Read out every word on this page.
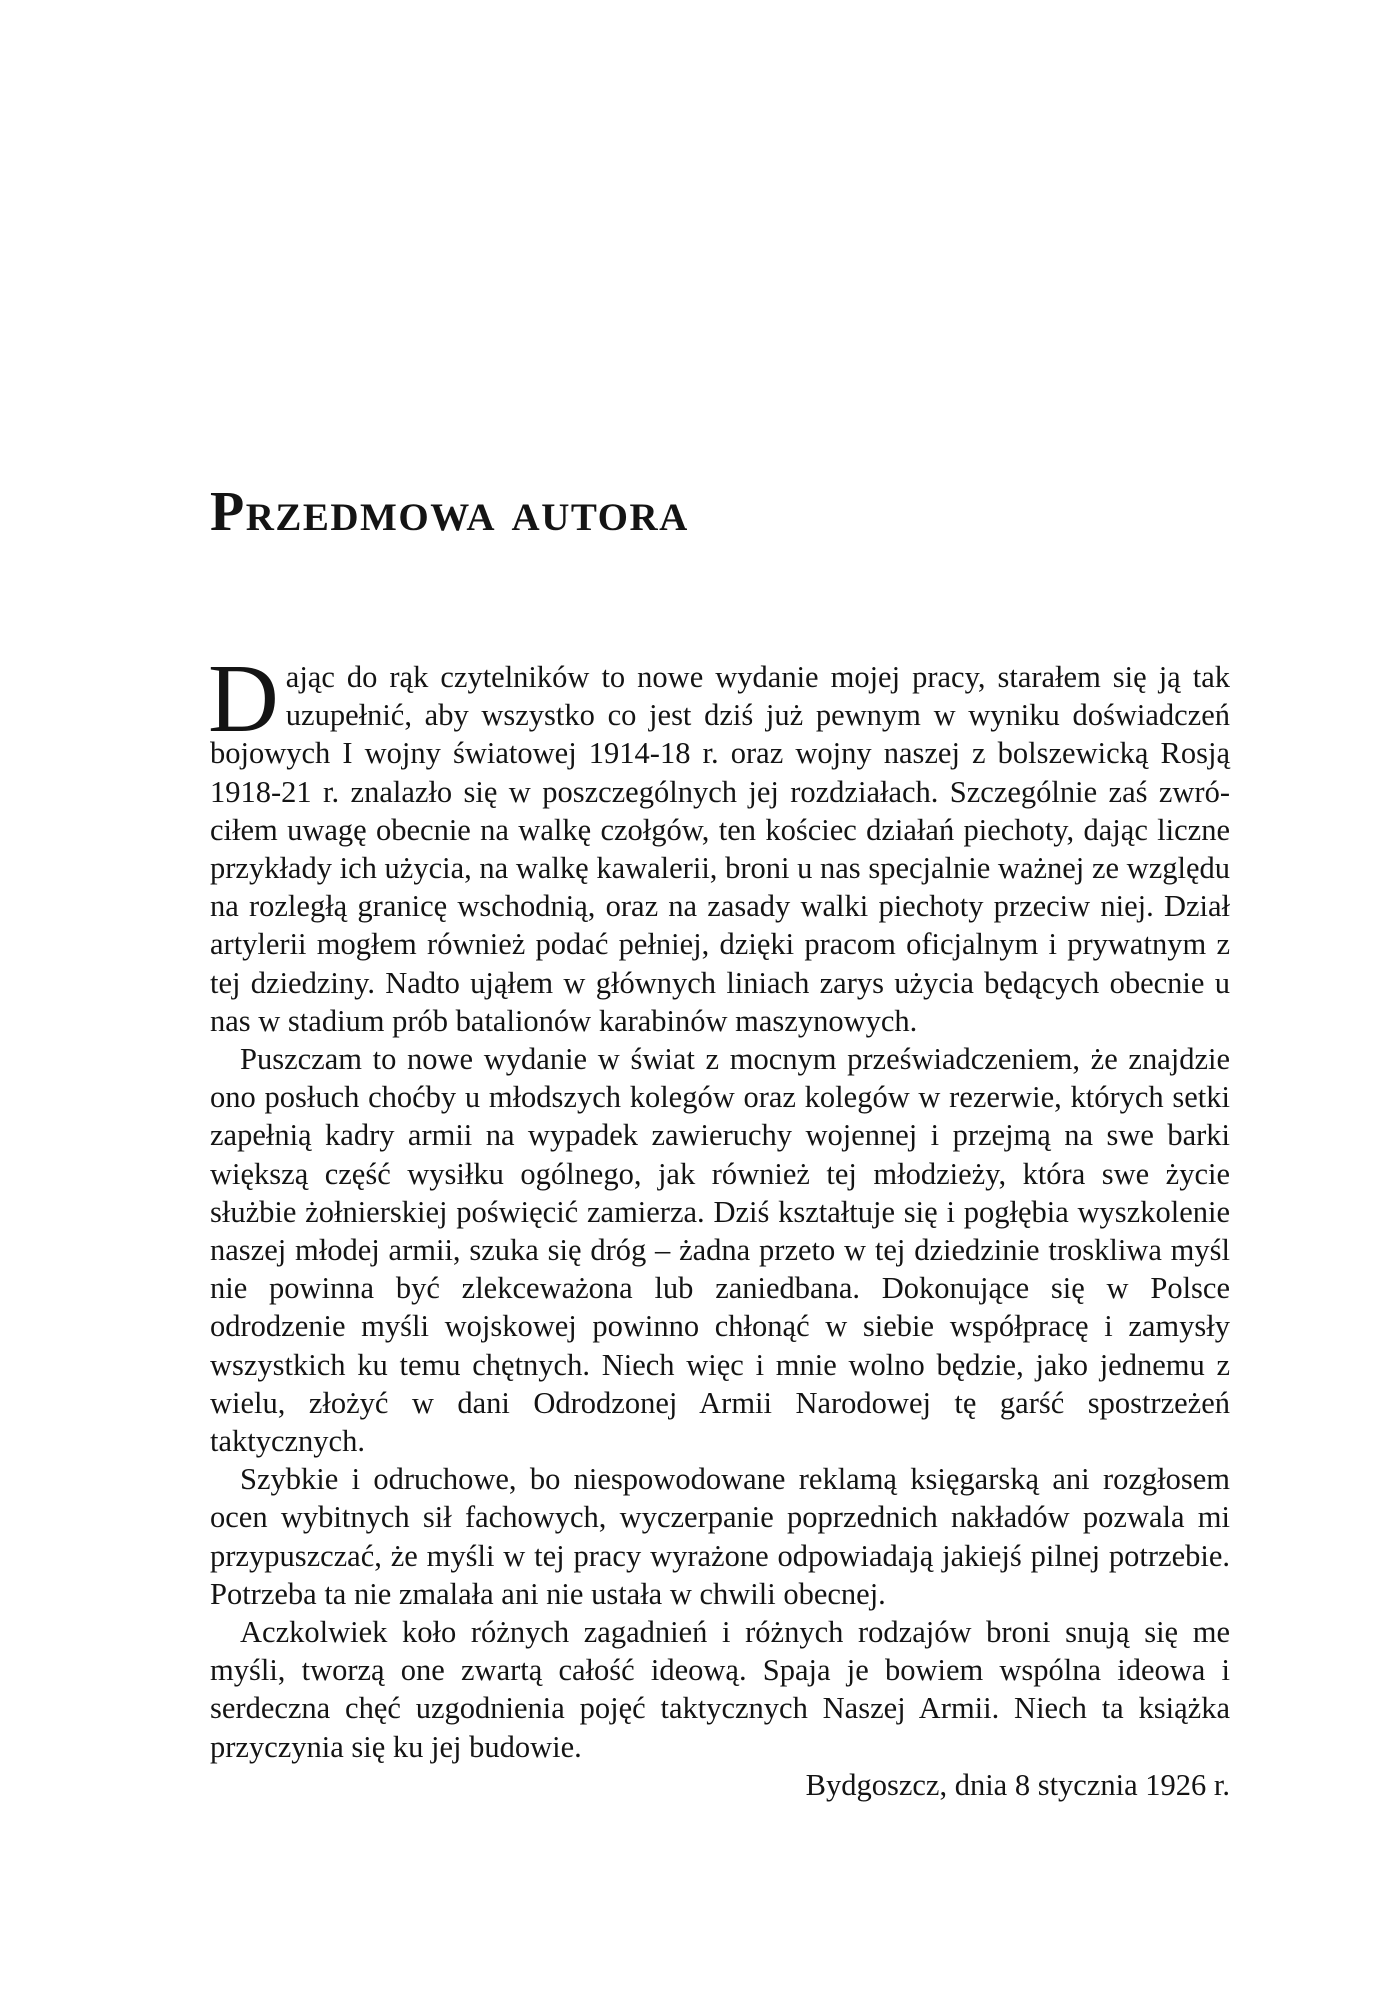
Przedmowa autora

Dając do rąk czytelników to nowe wydanie mojej pracy, starałem się ją tak uzupełnić, aby wszystko co jest dziś już pewnym w wyniku doświadczeń bojowych I wojny światowej 1914-18 r. oraz wojny naszej z bolszewicką Rosją 1918-21 r. znalazło się w poszczególnych jej rozdziałach. Szczególnie zaś zwróciłem uwagę obecnie na walkę czołgów, ten kościec działań piechoty, dając liczne przykłady ich użycia, na walkę kawalerii, broni u nas specjalnie ważnej ze względu na rozległą granicę wschodnią, oraz na zasady walki piechoty przeciw niej. Dział artylerii mogłem również podać pełniej, dzięki pracom oficjalnym i prywatnym z tej dziedziny. Nadto ująłem w głównych liniach zarys użycia będących obecnie u nas w stadium prób batalionów karabinów maszynowych.

Puszczam to nowe wydanie w świat z mocnym przeświadczeniem, że znajdzie ono posłuch choćby u młodszych kolegów oraz kolegów w rezerwie, których setki zapełnią kadry armii na wypadek zawieruchy wojennej i przejmą na swe barki większą część wysiłku ogólnego, jak również tej młodzieży, która swe życie służbie żołnierskiej poświęcić zamierza. Dziś kształtuje się i pogłębia wyszkolenie naszej młodej armii, szuka się dróg – żadna przeto w tej dziedzinie troskliwa myśl nie powinna być zlekceważona lub zaniedbana. Dokonujące się w Polsce odrodzenie myśli wojskowej powinno chłonąć w siebie współpracę i zamysły wszystkich ku temu chętnych. Niech więc i mnie wolno będzie, jako jednemu z wielu, złożyć w dani Odrodzonej Armii Narodowej tę garść spostrzeżeń taktycznych.

Szybkie i odruchowe, bo niespowodowane reklamą księgarską ani rozgłosem ocen wybitnych sił fachowych, wyczerpanie poprzednich nakładów pozwala mi przypuszczać, że myśli w tej pracy wyrażone odpowiadają jakiejś pilnej potrzebie. Potrzeba ta nie zmalała ani nie ustała w chwili obecnej.

Aczkolwiek koło różnych zagadnień i różnych rodzajów broni snują się me myśli, tworzą one zwartą całość ideową. Spaja je bowiem wspólna ideowa i serdeczna chęć uzgodnienia pojęć taktycznych Naszej Armii. Niech ta książka przyczynia się ku jej budowie.

Bydgoszcz, dnia 8 stycznia 1926 r.
